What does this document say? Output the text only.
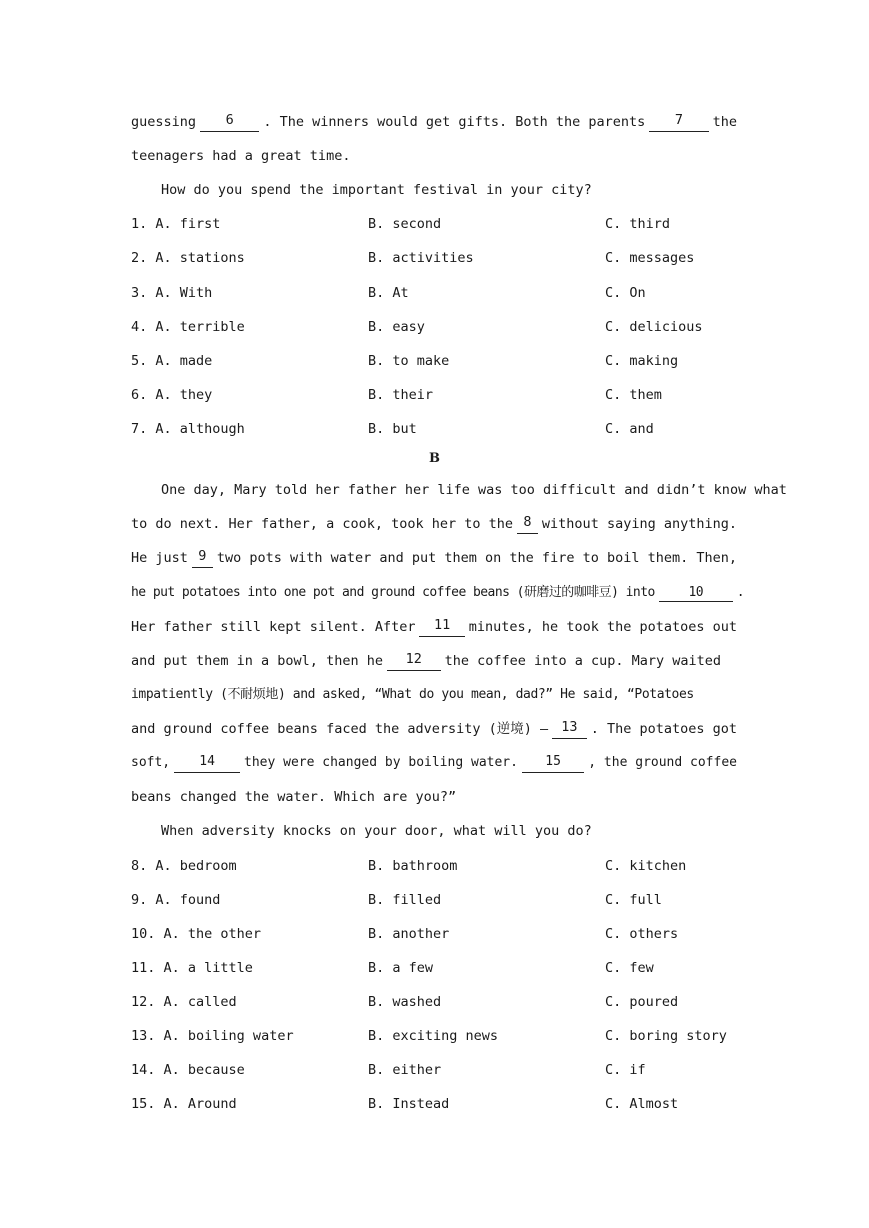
guessing	6	. The winners would get gifts. Both the parents	7	the
teenagers had a great time.
How do you spend the important festival in your city?
1. A. first	B. second	C. third
2. A. stations	B. activities	C. messages
3. A. With	B. At	C. On
4. A. terrible	B. easy	C. delicious
5. A. made	B. to make	C. making
6. A. they	B. their	C. them
7. A. although	B. but	C. and
B
One day, Mary told her father her life was too difficult and didn’t know what
to do next. Her father, a cook, took her to the 8 without saying anything.
He just 9 two pots with water and put them on the fire to boil them. Then,
he put potatoes into one pot and ground coffee beans (研磨过的咖啡豆) into	10	.
Her father still kept silent. After	11	minutes, he took the potatoes out
and put them in a bowl, then he	12	the coffee into a cup. Mary waited
impatiently (不耐烦地) and asked, “What do you mean, dad?” He said, “Potatoes
and ground coffee beans faced the adversity (逆境) — 13 . The potatoes got
soft,	14	they were changed by boiling water.	15	, the ground coffee
beans changed the water. Which are you?”
When adversity knocks on your door, what will you do?
8. A. bedroom	B. bathroom	C. kitchen
9. A. found	B. filled	C. full
10. A. the other	B. another	C. others
11. A. a little	B. a few	C. few
12. A. called	B. washed	C. poured
13. A. boiling water	B. exciting news	C. boring story
14. A. because	B. either	C. if
15. A. Around	B. Instead	C. Almost
